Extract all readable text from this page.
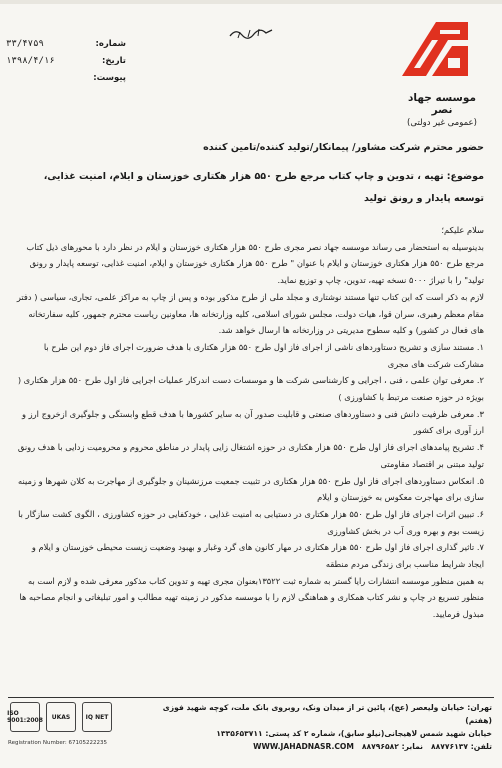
شماره:
۳۳/۴۷۵۹
تاریخ:
۱۳۹۸/۴/۱۶
پیوست:
موسسه جهاد نصر
(عمومی غیر دولتی)
حضور محترم شرکت مشاور/ پیمانکار/تولید کننده/تامین کننده
موضوع: تهیه ، تدوین و چاپ کتاب مرجع طرح ۵۵۰ هزار هکتاری خوزستان و ایلام، امنیت غذایی، توسعه پایدار و رونق تولید

سلام علیکم؛

بدینوسیله به استحضار می رساند موسسه جهاد نصر مجری طرح ۵۵۰ هزار هکتاری خوزستان و ایلام در نظر دارد با محورهای ذیل کتاب مرجع طرح ۵۵۰ هزار هکتاری خوزستان و ایلام با عنوان " طرح ۵۵۰ هزار هکتاری خوزستان و ایلام، امنیت غذایی، توسعه پایدار و رونق تولید" را با تیراژ ۵۰۰۰ نسخه تهیه، تدوین، چاپ و توزیع نماید.

لازم به ذکر است که این کتاب تنها مستند نوشتاری و مجلد ملی از طرح مذکور بوده و پس از چاپ به مراکز علمی، تجاری، سیاسی ( دفتر مقام معظم رهبری، سران قوا، هیات دولت، مجلس شورای اسلامی، کلیه وزارتخانه ها، معاونین ریاست محترم جمهور، کلیه سفارتخانه های فعال در کشور) و کلیه سطوح مدیریتی در وزارتخانه ها ارسال خواهد شد.

۱. مستند سازی و تشریح دستاوردهای ناشی از اجرای فاز اول طرح ۵۵۰ هزار هکتاری با هدف ضرورت اجرای فاز دوم این طرح با مشارکت شرکت های مجری

۲. معرفی توان علمی ، فنی ، اجرایی و کارشناسی شرکت ها و موسسات دست اندرکار عملیات اجرایی فاز اول طرح ۵۵۰ هزار هکتاری ( بویژه در حوزه صنعت مرتبط با کشاورزی )

۳. معرفی ظرفیت دانش فنی و دستاوردهای صنعتی و قابلیت صدور آن به سایر کشورها با هدف قطع وابستگی و جلوگیری ازخروج ارز و ارز آوری برای کشور

۴. تشریح پیامدهای اجرای فاز اول طرح ۵۵۰ هزار هکتاری در حوزه اشتغال زایی پایدار در مناطق محروم و محرومیت زدایی با هدف رونق تولید مبتنی بر اقتصاد مقاومتی

۵. انعکاس دستاوردهای اجرای فاز اول طرح ۵۵۰ هزار هکتاری در تثبیت جمعیت مرزنشینان و جلوگیری از مهاجرت به کلان شهرها و زمینه سازی برای مهاجرت معکوس به خوزستان و ایلام

۶. تبیین اثرات اجرای فاز اول طرح ۵۵۰ هزار هکتاری در دستیابی به امنیت غذایی ، خودکفایی در حوزه کشاورزی ، الگوی کشت سازگار با زیست بوم و بهره وری آب در بخش کشاورزی

۷. تاثیر گذاری اجرای فاز اول طرح ۵۵۰ هزار هکتاری در مهار کانون های گرد وغبار و بهبود وضعیت زیست محیطی خوزستان و ایلام و ایجاد شرایط مناسب برای زندگی مردم منطقه

به همین منظور موسسه انتشارات رایا گستر به شماره ثبت ۱۳۵۲۲بعنوان مجری تهیه و تدوین کتاب مذکور معرفی شده و لازم است به منظور تسریع در چاپ و نشر کتاب همکاری و هماهنگی لازم را با موسسه مذکور در زمینه تهیه مطالب و امور تبلیغاتی و انجام مصاحبه ها مبذول فرمایید.

ISO 9001:2008	UKAS	IQ NET
Registration Number: 67105222235
تهران: خیابان ولیعصر (عج)، پائین تر از میدان ونک، روبروی بانک ملت، کوچه شهید فوزی (هفتم)
خیابان شهید شمس لاهیجانی(نیلو سابق)، شماره ۲ کد پستی: ۱۳۳۵۶۵۳۷۱۱
تلفن: ۸۸۷۷۶۱۳۷   نمابر: ۸۸۷۹۶۵۸۲   WWW.JAHADNASR.COM
